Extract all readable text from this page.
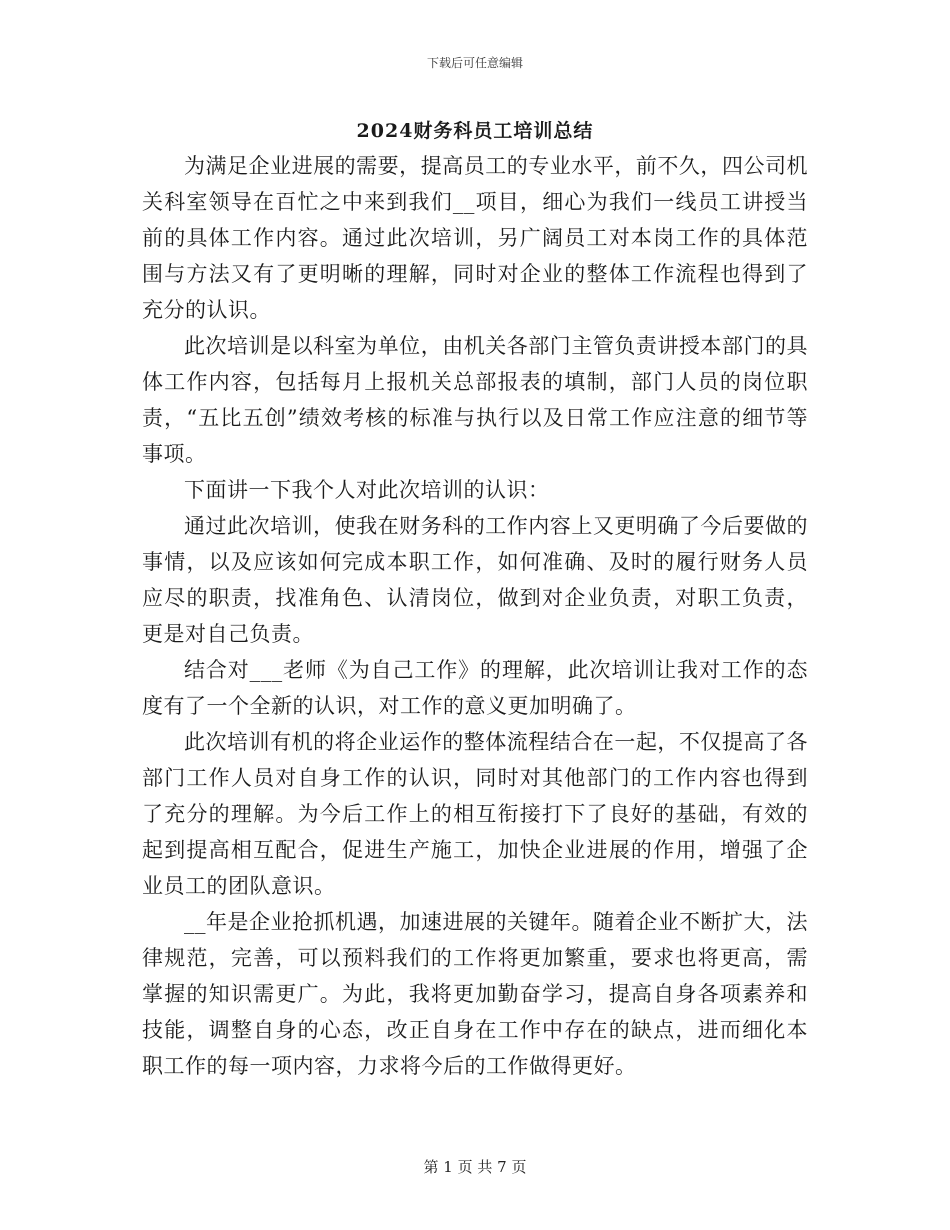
下载后可任意编辑
2024财务科员工培训总结

为满足企业进展的需要，提高员工的专业水平，前不久，四公司机关科室领导在百忙之中来到我们__项目，细心为我们一线员工讲授当前的具体工作内容。通过此次培训，另广阔员工对本岗工作的具体范围与方法又有了更明晰的理解，同时对企业的整体工作流程也得到了充分的认识。

此次培训是以科室为单位，由机关各部门主管负责讲授本部门的具体工作内容，包括每月上报机关总部报表的填制，部门人员的岗位职责，“五比五创”绩效考核的标准与执行以及日常工作应注意的细节等事项。

下面讲一下我个人对此次培训的认识：

通过此次培训，使我在财务科的工作内容上又更明确了今后要做的事情，以及应该如何完成本职工作，如何准确、及时的履行财务人员应尽的职责，找准角色、认清岗位，做到对企业负责，对职工负责，更是对自己负责。

结合对___老师《为自己工作》的理解，此次培训让我对工作的态度有了一个全新的认识，对工作的意义更加明确了。

此次培训有机的将企业运作的整体流程结合在一起，不仅提高了各部门工作人员对自身工作的认识，同时对其他部门的工作内容也得到了充分的理解。为今后工作上的相互衔接打下了良好的基础，有效的起到提高相互配合，促进生产施工，加快企业进展的作用，增强了企业员工的团队意识。

__年是企业抢抓机遇，加速进展的关键年。随着企业不断扩大，法律规范，完善，可以预料我们的工作将更加繁重，要求也将更高，需掌握的知识需更广。为此，我将更加勤奋学习，提高自身各项素养和技能，调整自身的心态，改正自身在工作中存在的缺点，进而细化本职工作的每一项内容，力求将今后的工作做得更好。

第 1 页 共 7 页
